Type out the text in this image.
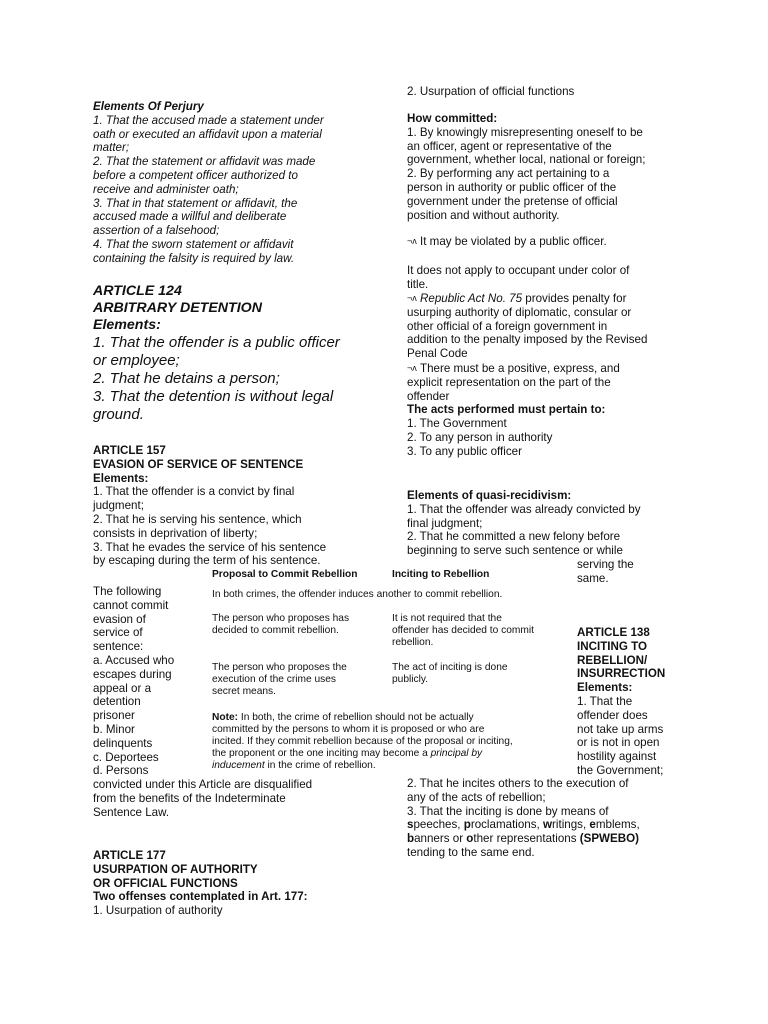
Elements Of Perjury
1. That the accused made a statement under
oath or executed an affidavit upon a material
matter;
2. That the statement or affidavit was made
before a competent officer authorized to
receive and administer oath;
3. That in that statement or affidavit, the
accused made a willful and deliberate
assertion of a falsehood;
4. That the sworn statement or affidavit
containing the falsity is required by law.
ARTICLE 124
ARBITRARY DETENTION
Elements:
1. That the offender is a public officer
or employee;
2. That he detains a person;
3. That the detention is without legal
ground.
ARTICLE 157
EVASION OF SERVICE OF SENTENCE
Elements:
1. That the offender is a convict by final
judgment;
2. That he is serving his sentence, which
consists in deprivation of liberty;
3. That he evades the service of his sentence
by escaping during the term of his sentence.
The following
cannot commit
evasion of
service of
sentence:
a. Accused who
escapes during
appeal or a
detention
prisoner
b. Minor
delinquents
c. Deportees
d. Persons
convicted under this Article are disqualified
from the benefits of the Indeterminate
Sentence Law.
ARTICLE 177
USURPATION OF AUTHORITY
OR OFFICIAL FUNCTIONS
Two offenses contemplated in Art. 177:
1. Usurpation of authority
2. Usurpation of official functions
How committed:
1. By knowingly misrepresenting oneself to be
an officer, agent or representative of the
government, whether local, national or foreign;
2. By performing any act pertaining to a
person in authority or public officer of the
government under the pretense of official
position and without authority.
¬ᴧ It may be violated by a public officer.
It does not apply to occupant under color of
title.
¬ᴧ Republic Act No. 75 provides penalty for
usurping authority of diplomatic, consular or
other official of a foreign government in
addition to the penalty imposed by the Revised
Penal Code
¬ᴧ There must be a positive, express, and
explicit representation on the part of the
offender
The acts performed must pertain to:
1. The Government
2. To any person in authority
3. To any public officer
Elements of quasi-recidivism:
1. That the offender was already convicted by
final judgment;
2. That he committed a new felony before
beginning to serve such sentence or while
serving the
same.
ARTICLE 138
INCITING TO
REBELLION/
INSURRECTION
Elements:
1. That the
offender does
not take up arms
or is not in open
hostility against
the Government;
2. That he incites others to the execution of
any of the acts of rebellion;
3. That the inciting is done by means of
speeches, proclamations, writings, emblems,
banners or other representations (SPWEBO)
tending to the same end.
Proposal to Commit Rebellion	Inciting to Rebellion
In both crimes, the offender induces another to commit rebellion.
The person who proposes has
decided to commit rebellion.
It is not required that the
offender has decided to commit
rebellion.
The person who proposes the
execution of the crime uses
secret means.
The act of inciting is done
publicly.
Note: In both, the crime of rebellion should not be actually
committed by the persons to whom it is proposed or who are
incited. If they commit rebellion because of the proposal or inciting,
the proponent or the one inciting may become a principal by
inducement in the crime of rebellion.
